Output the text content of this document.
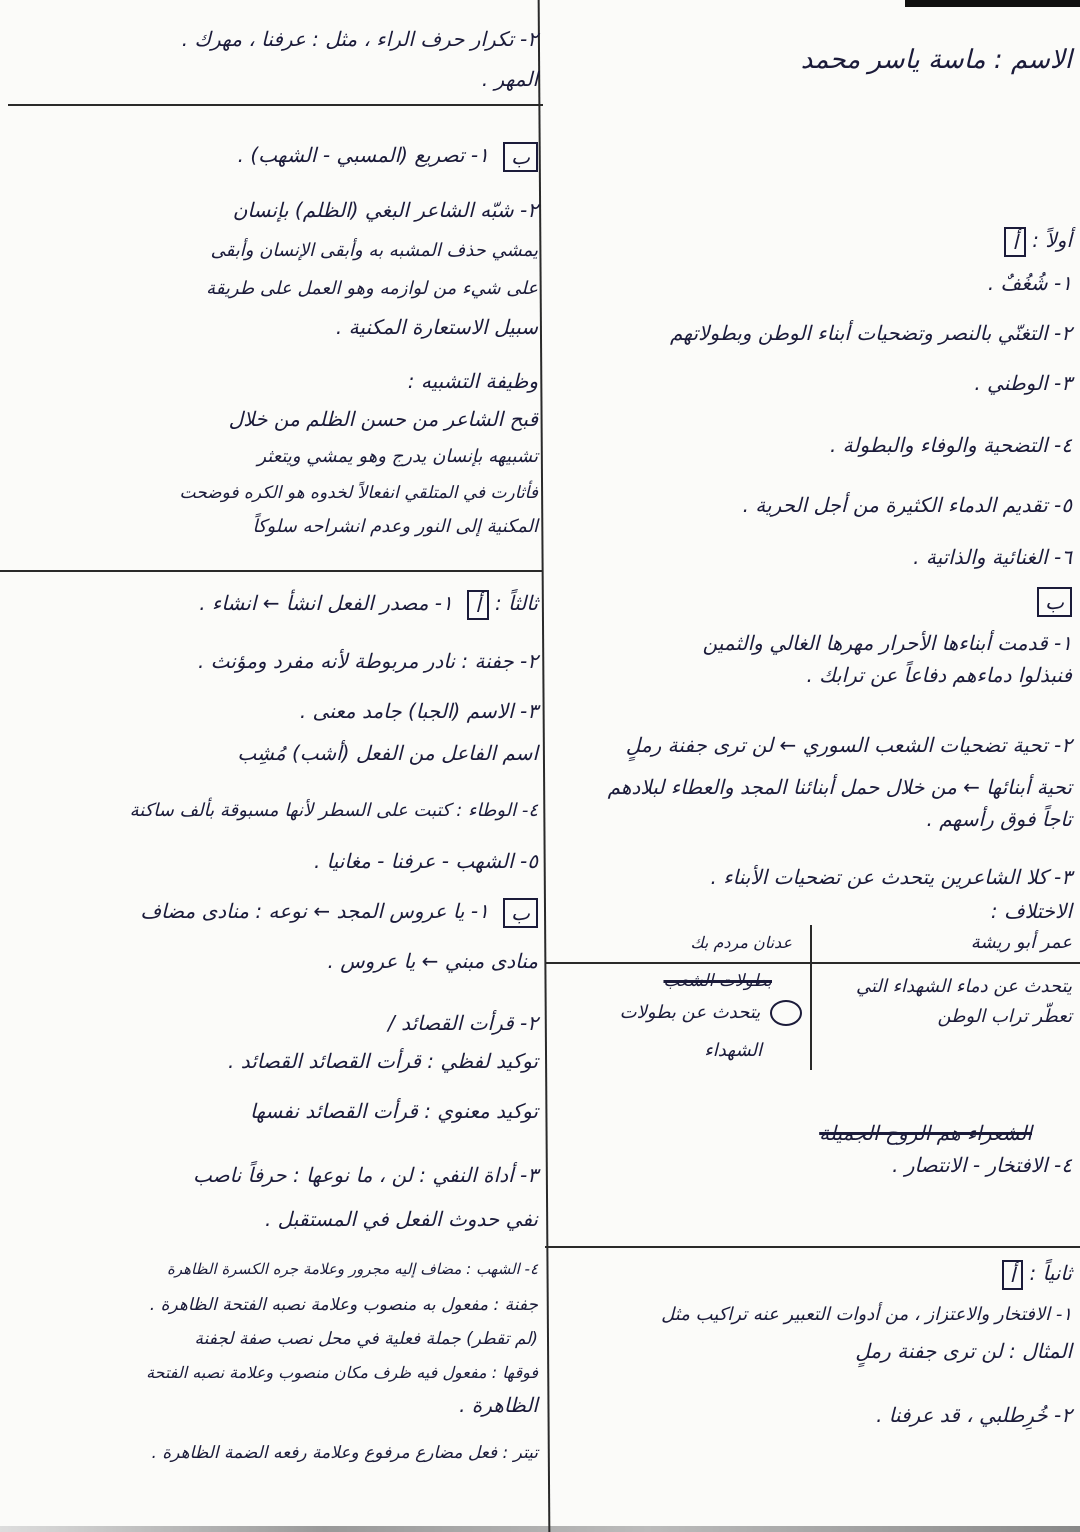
الاسم : ماسة ياسر محمد
أولاً : أ
١- شُغُفٌ .
٢- التغنّي بالنصر وتضحيات أبناء الوطن وبطولاتهم
٣- الوطني .
٤- التضحية والوفاء والبطولة .
٥- تقديم الدماء الكثيرة من أجل الحرية .
٦- الغنائية والذاتية .
ب
١- قدمت أبناءها الأحرار مهرها الغالي والثمين
فنبذلوا دماءهم دفاعاً عن ترابك .
٢- تحية تضحيات الشعب السوري ← لن ترى جفنة رملٍ
تحية أبنائها ← من خلال حمل أبنائنا المجد والعطاء لبلادهم
تاجاً فوق رأسهم .
٣- كلا الشاعرين يتحدث عن تضحيات الأبناء .
الاختلاف :
عمر أبو ريشة
عدنان مردم بك
يتحدث عن دماء الشهداء التي
تعطّر تراب الوطن
بطولات الشعب
يتحدث عن بطولات
الشهداء
الشعراء هم الروح الجميلة
٤- الافتخار - الانتصار .
ثانياً : أ
١- الافتخار والاعتزاز ، من أدوات التعبير عنه تراكيب مثل
المثال : لن ترى جفنة رملٍ
٢- خُرِطلبي ، قد عرفنا .
٢- تكرار حرف الراء ، مثل : عرفنا ، مهرك .
المهر .
ب ١- تصريع (المسبي - الشهب) .
٢- شبّه الشاعر البغي (الظلم) بإنسان
يمشي حذف المشبه به وأبقى الإنسان وأبقى
على شيء من لوازمه وهو العمل على طريقة
سبيل الاستعارة المكنية .
وظيفة التشبيه :
قبح الشاعر من حسن الظلم من خلال
تشبيهه بإنسان يدرج وهو يمشي ويتعثر
فأثارت في المتلقي انفعالاً لخدوه هو الكره فوضحت
المكنية إلى النور وعدم انشراحه سلوكاً
ثالثاً : أ ١- مصدر الفعل انشأ ← انشاء .
٢- جفنة : نادر مربوطة لأنه مفرد ومؤنث .
٣- الاسم (الجبا) جامد معنى .
اسم الفاعل من الفعل (أشب) مُشِب
٤- الوطاء : كتبت على السطر لأنها مسبوقة بألف ساكنة
٥- الشهب - عرفنا - مغانيا .
ب ١- يا عروس المجد ← نوعه : منادى مضاف
منادى مبني ← يا عروس .
٢- قرأت القصائد /
توكيد لفظي : قرأت القصائد القصائد .
توكيد معنوي : قرأت القصائد نفسها
٣- أداة النفي : لن ، ما نوعها : حرفاً ناصب
نفي حدوث الفعل في المستقبل .
٤- الشهب : مضاف إليه مجرور وعلامة جره الكسرة الظاهرة
جفنة : مفعول به منصوب وعلامة نصبه الفتحة الظاهرة .
(لم تقطر) جملة فعلية في محل نصب صفة لجفنة
فوقها : مفعول فيه ظرف مكان منصوب وعلامة نصبه الفتحة
الظاهرة .
تيتر : فعل مضارع مرفوع وعلامة رفعه الضمة الظاهرة .
